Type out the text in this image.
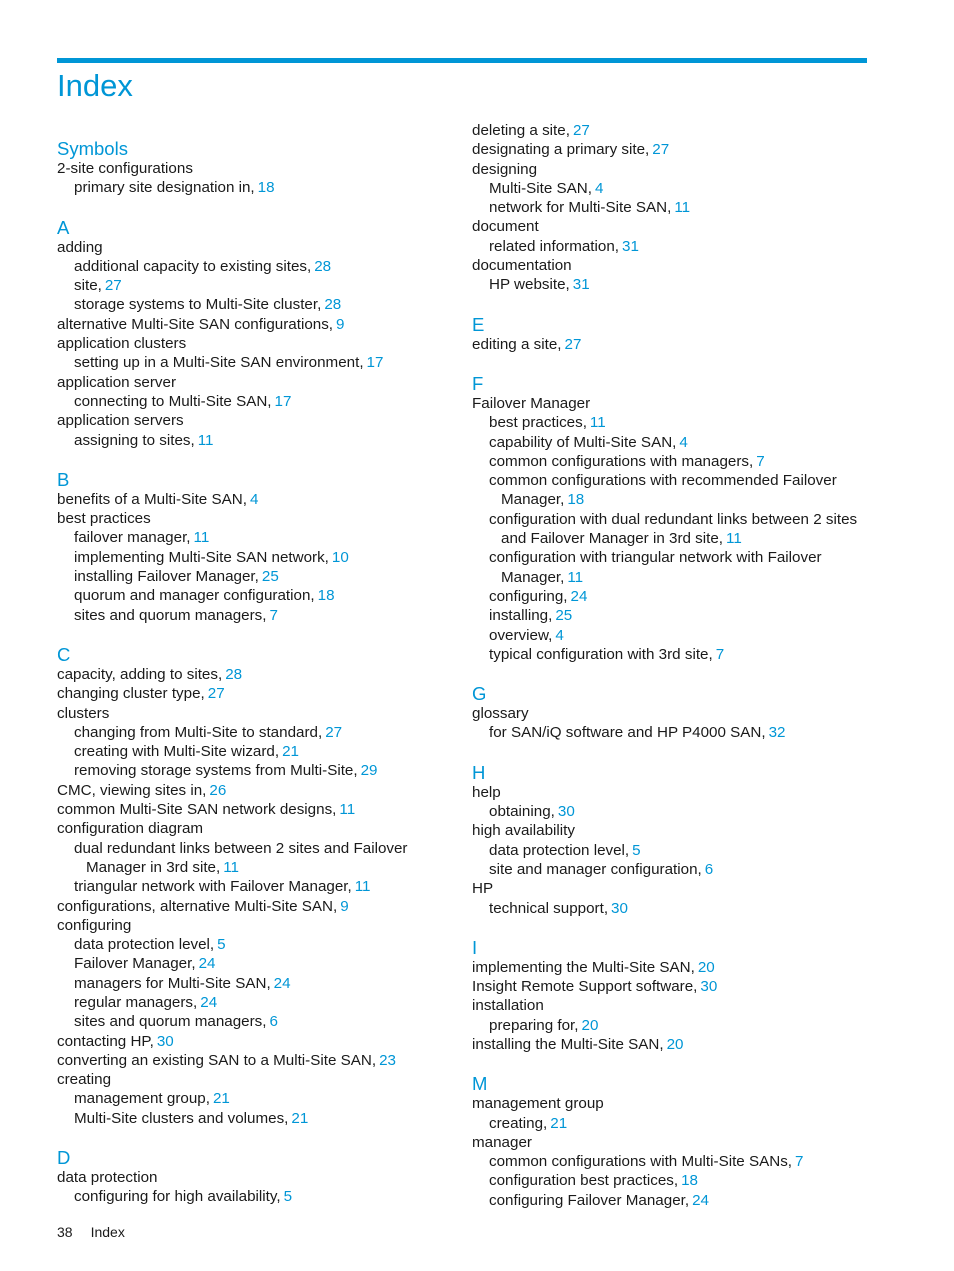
Index
Symbols
2-site configurations
primary site designation in, 18
A
adding
additional capacity to existing sites, 28
site, 27
storage systems to Multi-Site cluster, 28
alternative Multi-Site SAN configurations, 9
application clusters
setting up in a Multi-Site SAN environment, 17
application server
connecting to Multi-Site SAN, 17
application servers
assigning to sites, 11
B
benefits of a Multi-Site SAN, 4
best practices
failover manager, 11
implementing Multi-Site SAN network, 10
installing Failover Manager, 25
quorum and manager configuration, 18
sites and quorum managers, 7
C
capacity, adding to sites, 28
changing cluster type, 27
clusters
changing from Multi-Site to standard, 27
creating with Multi-Site wizard, 21
removing storage systems from Multi-Site, 29
CMC, viewing sites in, 26
common Multi-Site SAN network designs, 11
configuration diagram
dual redundant links between 2 sites and Failover Manager in 3rd site, 11
triangular network with Failover Manager, 11
configurations, alternative Multi-Site SAN, 9
configuring
data protection level, 5
Failover Manager, 24
managers for Multi-Site SAN, 24
regular managers, 24
sites and quorum managers, 6
contacting HP, 30
converting an existing SAN to a Multi-Site SAN, 23
creating
management group, 21
Multi-Site clusters and volumes, 21
D
data protection
configuring for high availability, 5
deleting a site, 27
designating a primary site, 27
designing
Multi-Site SAN, 4
network for Multi-Site SAN, 11
document
related information, 31
documentation
HP website, 31
E
editing a site, 27
F
Failover Manager
best practices, 11
capability of Multi-Site SAN, 4
common configurations with managers, 7
common configurations with recommended Failover Manager, 18
configuration with dual redundant links between 2 sites and Failover Manager in 3rd site, 11
configuration with triangular network with Failover Manager, 11
configuring, 24
installing, 25
overview, 4
typical configuration with 3rd site, 7
G
glossary
for SAN/iQ software and HP P4000 SAN, 32
H
help
obtaining, 30
high availability
data protection level, 5
site and manager configuration, 6
HP
technical support, 30
I
implementing the Multi-Site SAN, 20
Insight Remote Support software, 30
installation
preparing for, 20
installing the Multi-Site SAN, 20
M
management group
creating, 21
manager
common configurations with Multi-Site SANs, 7
configuration best practices, 18
configuring Failover Manager, 24
38 Index
